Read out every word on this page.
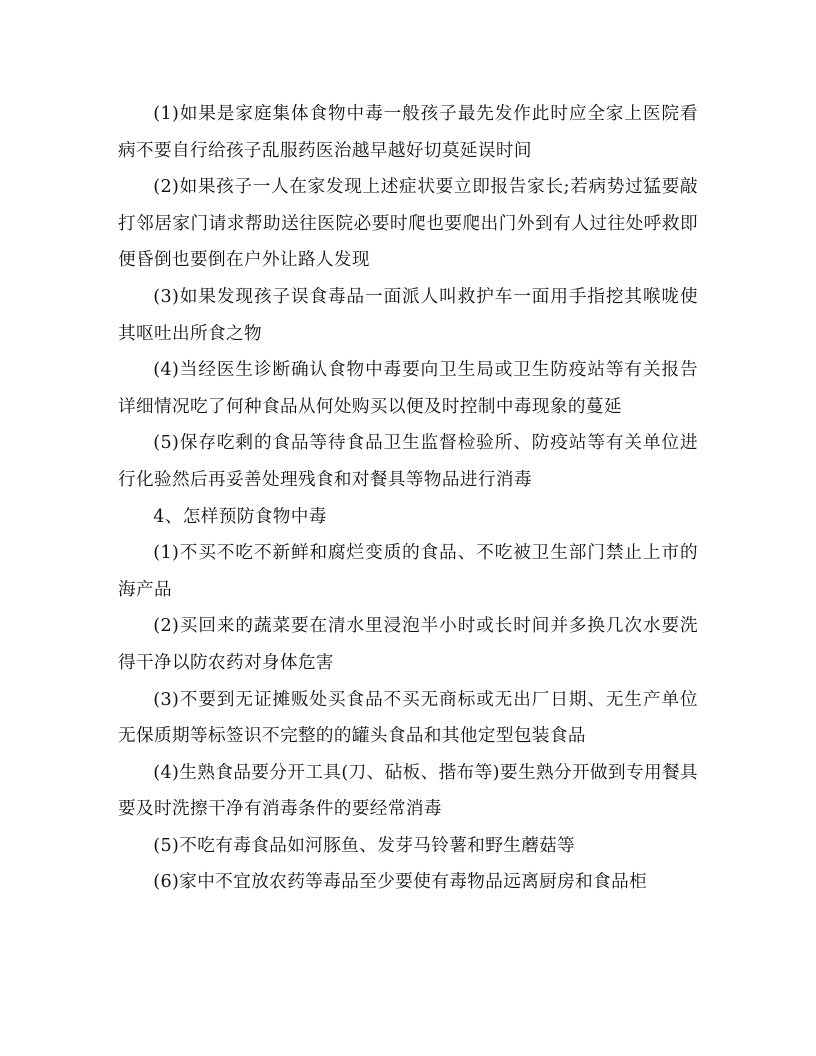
(1)如果是家庭集体食物中毒一般孩子最先发作此时应全家上医院看病不要自行给孩子乱服药医治越早越好切莫延误时间

(2)如果孩子一人在家发现上述症状要立即报告家长;若病势过猛要敲打邻居家门请求帮助送往医院必要时爬也要爬出门外到有人过往处呼救即便昏倒也要倒在户外让路人发现

(3)如果发现孩子误食毒品一面派人叫救护车一面用手指挖其喉咙使其呕吐出所食之物

(4)当经医生诊断确认食物中毒要向卫生局或卫生防疫站等有关报告详细情况吃了何种食品从何处购买以便及时控制中毒现象的蔓延

(5)保存吃剩的食品等待食品卫生监督检验所、防疫站等有关单位进行化验然后再妥善处理残食和对餐具等物品进行消毒

4、怎样预防食物中毒

(1)不买不吃不新鲜和腐烂变质的食品、不吃被卫生部门禁止上市的海产品

(2)买回来的蔬菜要在清水里浸泡半小时或长时间并多换几次水要洗得干净以防农药对身体危害

(3)不要到无证摊贩处买食品不买无商标或无出厂日期、无生产单位无保质期等标签识不完整的的罐头食品和其他定型包装食品

(4)生熟食品要分开工具(刀、砧板、揩布等)要生熟分开做到专用餐具要及时洗擦干净有消毒条件的要经常消毒

(5)不吃有毒食品如河豚鱼、发芽马铃薯和野生蘑菇等

(6)家中不宜放农药等毒品至少要使有毒物品远离厨房和食品柜
